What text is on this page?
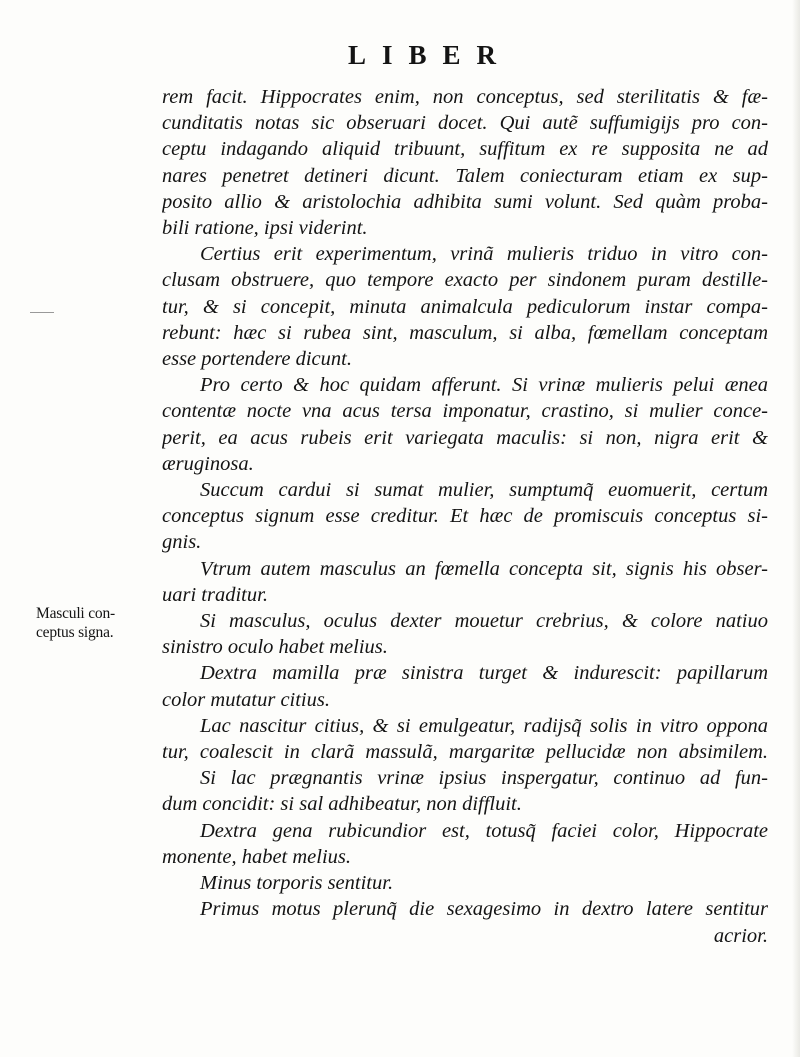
LIBER
rem facit. Hippocrates enim, non conceptus, sed sterilitatis & fæ-
cunditatis notas sic obseruari docet. Qui autẽ suffumigijs pro con-
ceptu indagando aliquid tribuunt, suffitum ex re supposita ne ad
nares penetret detineri dicunt. Talem coniecturam etiam ex sup-
posito allio & aristolochia adhibita sumi volunt. Sed quàm proba-
bili ratione, ipsi viderint.
Certius erit experimentum, vrinã mulieris triduo in vitro con-
clusam obstruere, quo tempore exacto per sindonem puram destille-
tur, & si concepit, minuta animalcula pediculorum instar compa-
rebunt: hæc si rubea sint, masculum, si alba, fœmellam conceptam
esse portendere dicunt.
Pro certo & hoc quidam afferunt. Si vrinæ mulieris pelui ænea
contentæ nocte vna acus tersa imponatur, crastino, si mulier conce-
perit, ea acus rubeis erit variegata maculis: si non, nigra erit &
æruginosa.
Succum cardui si sumat mulier, sumptumq̃ euomuerit, certum
conceptus signum esse creditur. Et hæc de promiscuis conceptus si-
gnis.
Vtrum autem masculus an fœmella concepta sit, signis his obser-
uari traditur.
Si masculus, oculus dexter mouetur crebrius, & colore natiuo
sinistro oculo habet melius.
Dextra mamilla præ sinistra turget & indurescit: papillarum
color mutatur citius.
Lac nascitur citius, & si emulgeatur, radijsq̃ solis in vitro oppona
tur, coalescit in clarã massulã, margaritæ pellucidæ non absimilem.
Si lac prægnantis vrinæ ipsius inspergatur, continuo ad fun-
dum concidit: si sal adhibeatur, non diffluit.
Dextra gena rubicundior est, totusq̃ faciei color, Hippocrate
monente, habet melius.
Minus torporis sentitur.
Primus motus plerunq̃ die sexagesimo in dextro latere sentitur
acrior.
Masculi con-
ceptus signa.
